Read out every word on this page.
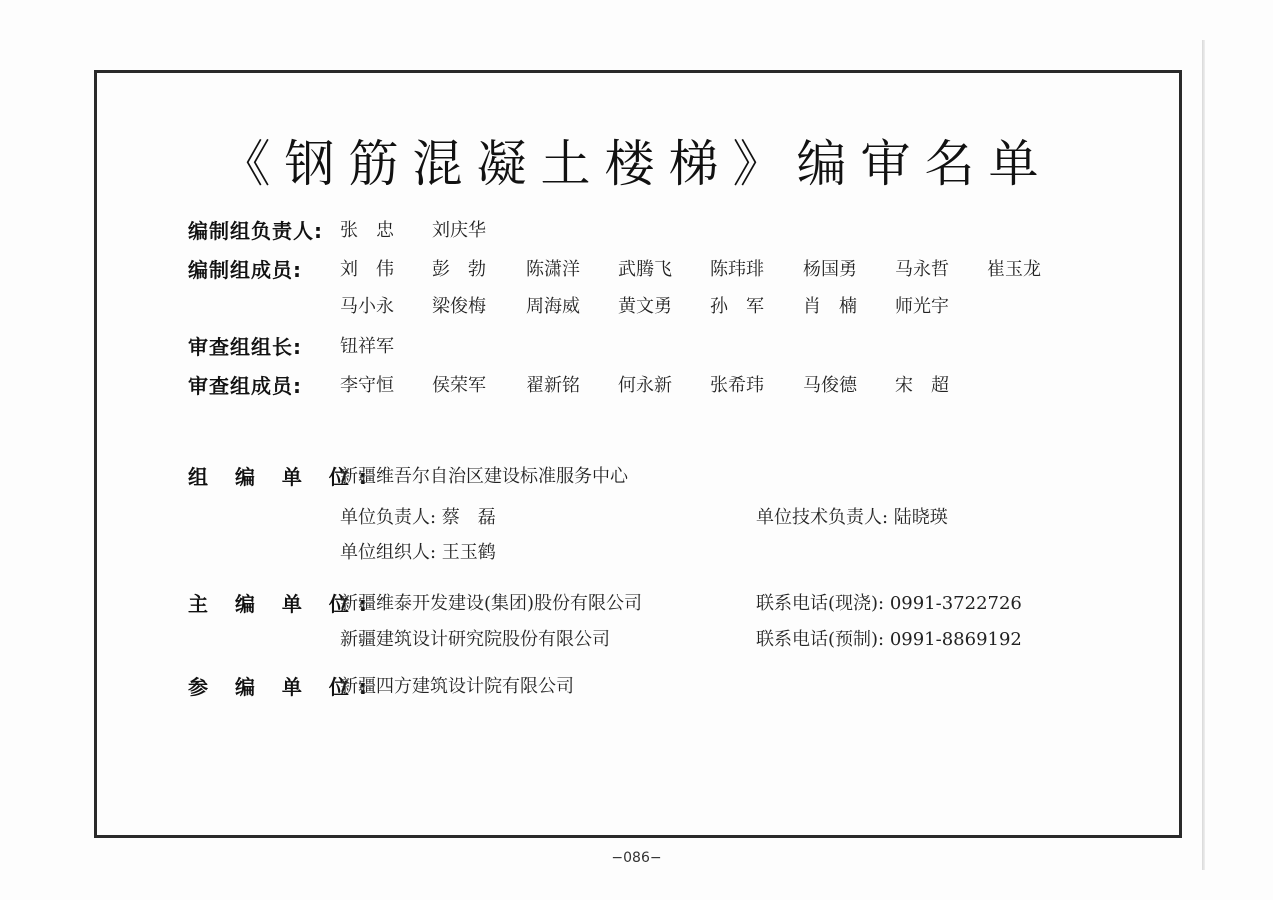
《钢筋混凝土楼梯》编审名单
编制组负责人: 张　忠 刘庆华
编制组成员:	刘　伟 彭　勃 陈潇洋 武腾飞 陈玮琲 杨国勇 马永哲 崔玉龙
马小永 梁俊梅 周海威 黄文勇 孙　军 肖　楠 师光宇
审查组组长:	钮祥军
审查组成员:	李守恒 侯荣军 翟新铭 何永新 张希玮 马俊德 宋　超
组 编 单 位:
新疆维吾尔自治区建设标准服务中心
单位负责人: 蔡　磊	单位技术负责人: 陆晓瑛
单位组织人: 王玉鹤
主 编 单 位:
新疆维泰开发建设(集团)股份有限公司	联系电话(现浇): 0991-3722726
新疆建筑设计研究院股份有限公司	联系电话(预制): 0991-8869192
参 编 单 位:
新疆四方建筑设计院有限公司
−086−
